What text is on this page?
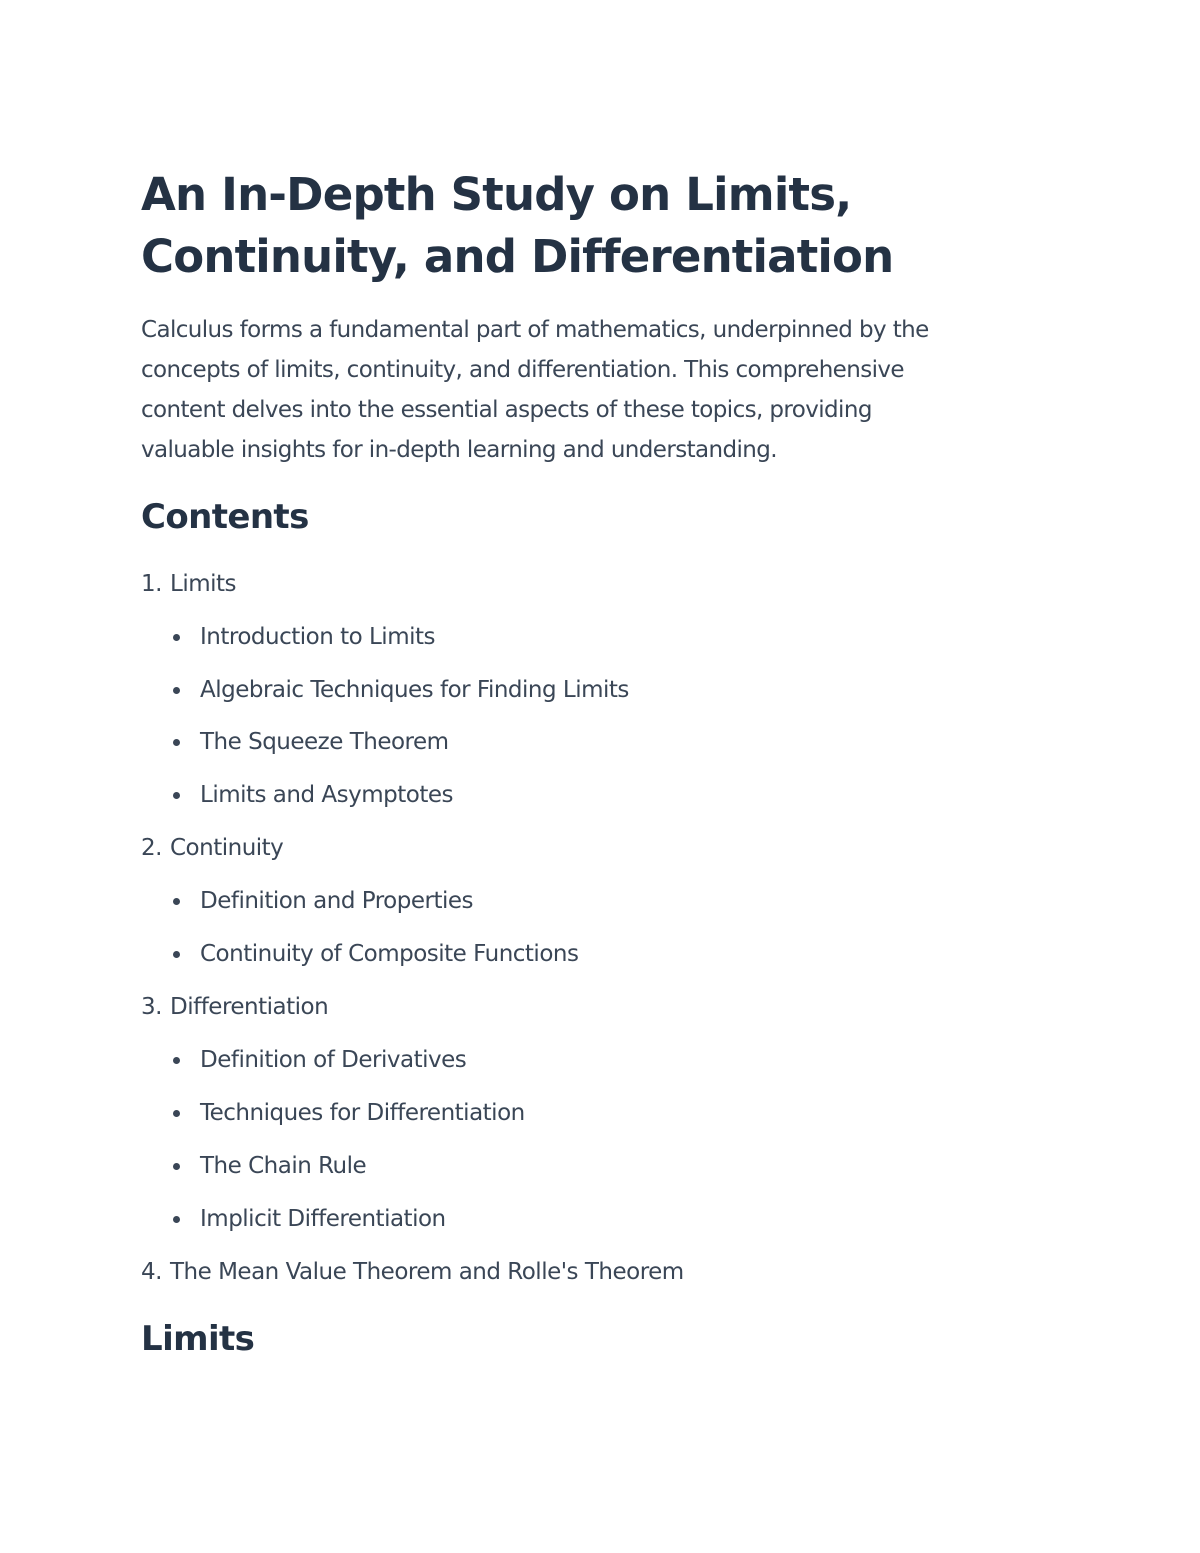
An In-Depth Study on Limits,
Continuity, and Differentiation

Calculus forms a fundamental part of mathematics, underpinned by the
concepts of limits, continuity, and differentiation. This comprehensive
content delves into the essential aspects of these topics, providing
valuable insights for in-depth learning and understanding.

Contents
1. Limits
Introduction to Limits
Algebraic Techniques for Finding Limits
The Squeeze Theorem
Limits and Asymptotes
2. Continuity
Definition and Properties
Continuity of Composite Functions
3. Differentiation
Definition of Derivatives
Techniques for Differentiation
The Chain Rule
Implicit Differentiation
4. The Mean Value Theorem and Rolle's Theorem
Limits
